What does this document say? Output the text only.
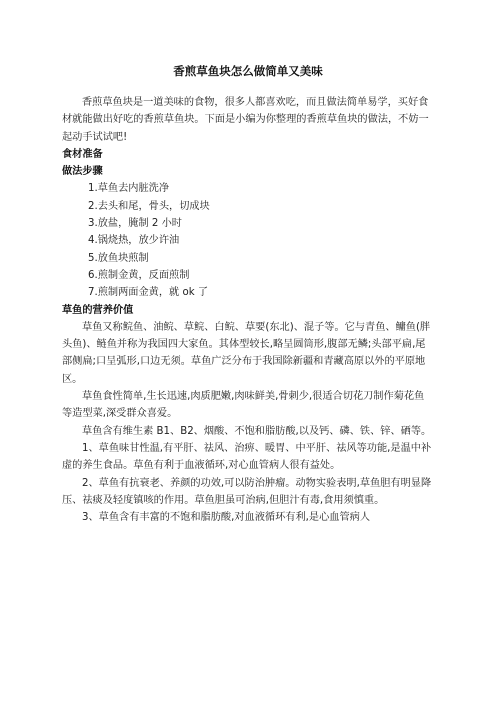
香煎草鱼块怎么做简单又美味

香煎草鱼块是一道美味的食物，很多人都喜欢吃，而且做法简单易学，买好食材就能做出好吃的香煎草鱼块。下面是小编为你整理的香煎草鱼块的做法，不妨一起动手试试吧!

食材准备

做法步骤

1.草鱼去内脏洗净

2.去头和尾，骨头，切成块

3.放盐，腌制 2 小时

4.锅烧热，放少许油

5.放鱼块煎制

6.煎制金黄，反面煎制

7.煎制两面金黄，就 ok 了

草鱼的营养价值

草鱼又称鲩鱼、油鲩、草鲩、白鲩、草要(东北)、混子等。它与青鱼、鳙鱼(胖头鱼)、鲢鱼并称为我国四大家鱼。其体型较长,略呈圆筒形,腹部无鳞;头部平扁,尾部侧扁;口呈弧形,口边无须。草鱼广泛分布于我国除新疆和青藏高原以外的平原地区。

草鱼食性简单,生长迅速,肉质肥嫩,肉味鲜美,骨刺少,很适合切花刀制作菊花鱼等造型菜,深受群众喜爱。

草鱼含有维生素 B1、B2、烟酸、不饱和脂肪酸,以及钙、磷、铁、锌、硒等。

1、草鱼味甘性温,有平肝、祛风、治痹、暖胃、中平肝、祛风等功能,是温中补虚的养生食品。草鱼有利于血液循环,对心血管病人很有益处。

2、草鱼有抗衰老、养颜的功效,可以防治肿瘤。动物实验表明,草鱼胆有明显降压、祛痰及轻度镇咳的作用。草鱼胆虽可治病,但胆汁有毒,食用须慎重。

3、草鱼含有丰富的不饱和脂肪酸,对血液循环有利,是心血管病人
